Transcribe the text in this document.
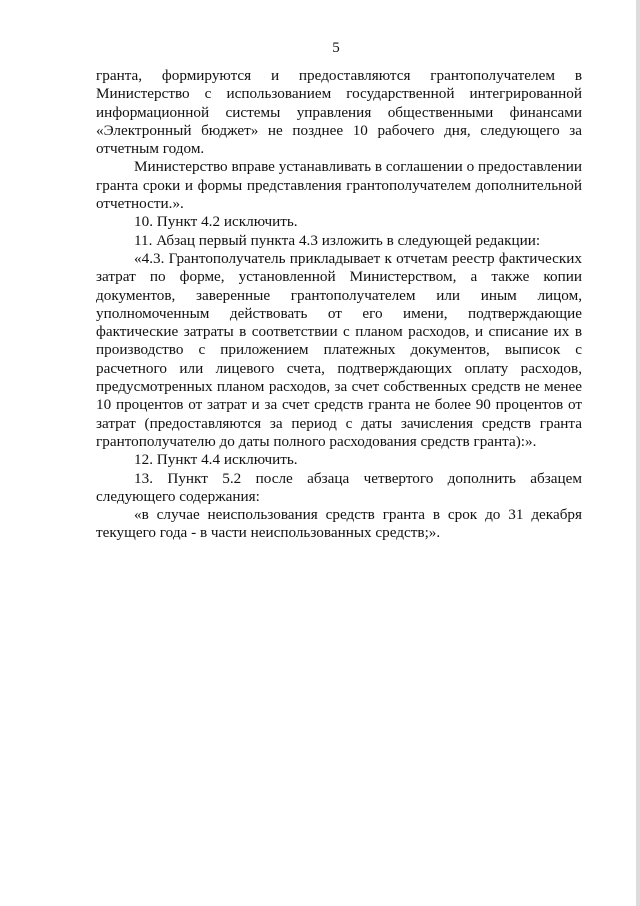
5

гранта, формируются и предоставляются грантополучателем в Министерство с использованием государственной интегрированной информационной системы управления общественными финансами «Электронный бюджет» не позднее 10 рабочего дня, следующего за отчетным годом.

Министерство вправе устанавливать в соглашении о предоставлении гранта сроки и формы представления грантополучателем дополнительной отчетности.».

10. Пункт 4.2 исключить.

11. Абзац первый пункта 4.3 изложить в следующей редакции:

«4.3. Грантополучатель прикладывает к отчетам реестр фактических затрат по форме, установленной Министерством, а также копии документов, заверенные грантополучателем или иным лицом, уполномоченным действовать от его имени, подтверждающие фактические затраты в соответствии с планом расходов, и списание их в производство с приложением платежных документов, выписок с расчетного или лицевого счета, подтверждающих оплату расходов, предусмотренных планом расходов, за счет собственных средств не менее 10 процентов от затрат и за счет средств гранта не более 90 процентов от затрат (предоставляются за период с даты зачисления средств гранта грантополучателю до даты полного расходования средств гранта):».

12. Пункт 4.4 исключить.

13. Пункт 5.2 после абзаца четвертого дополнить абзацем следующего содержания:

«в случае неиспользования средств гранта в срок до 31 декабря текущего года - в части неиспользованных средств;».
